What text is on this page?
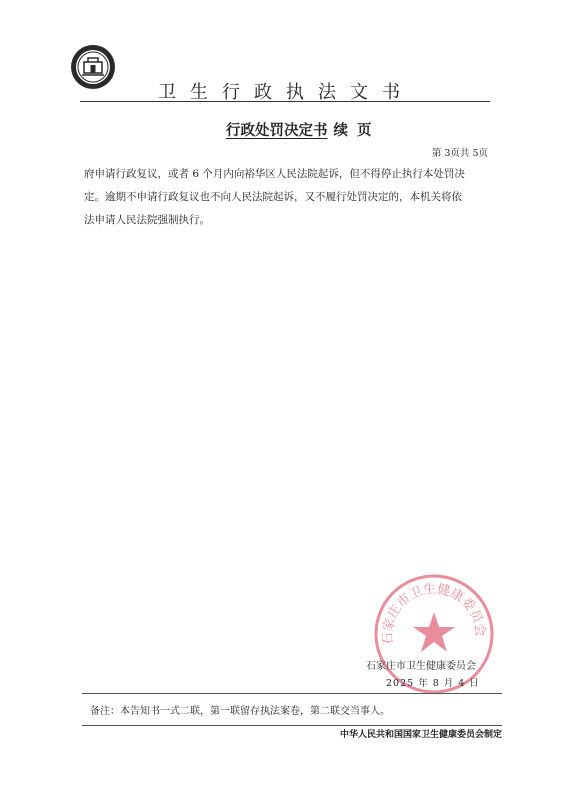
卫生行政执法文书
行政处罚决定书 续 页
第 3页共 5页
府申请行政复议，或者 6 个月内向裕华区人民法院起诉，但不得停止执行本处罚决
定。逾期不申请行政复议也不向人民法院起诉，又不履行处罚决定的，本机关将依
法申请人民法院强制执行。
石家庄市卫生健康委员会
石家庄市卫生健康委员会
2025 年 8 月 4 日
备注：本告知书一式二联，第一联留存执法案卷，第二联交当事人。
中华人民共和国国家卫生健康委员会制定
